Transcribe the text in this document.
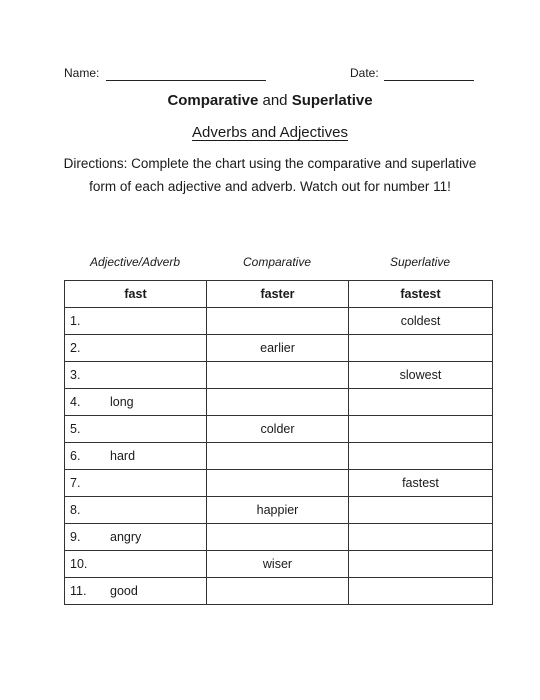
Name:	Date:
Comparative and Superlative
Adverbs and Adjectives
Directions: Complete the chart using the comparative and superlative form of each adjective and adverb. Watch out for number 11!
Adjective/Adverb	Comparative	Superlative
fast	faster	fastest
1.		coldest
2.	earlier	
3.		slowest
4. long		
5.	colder	
6. hard		
7.		fastest
8.	happier	
9. angry		
10.	wiser	
11. good		
